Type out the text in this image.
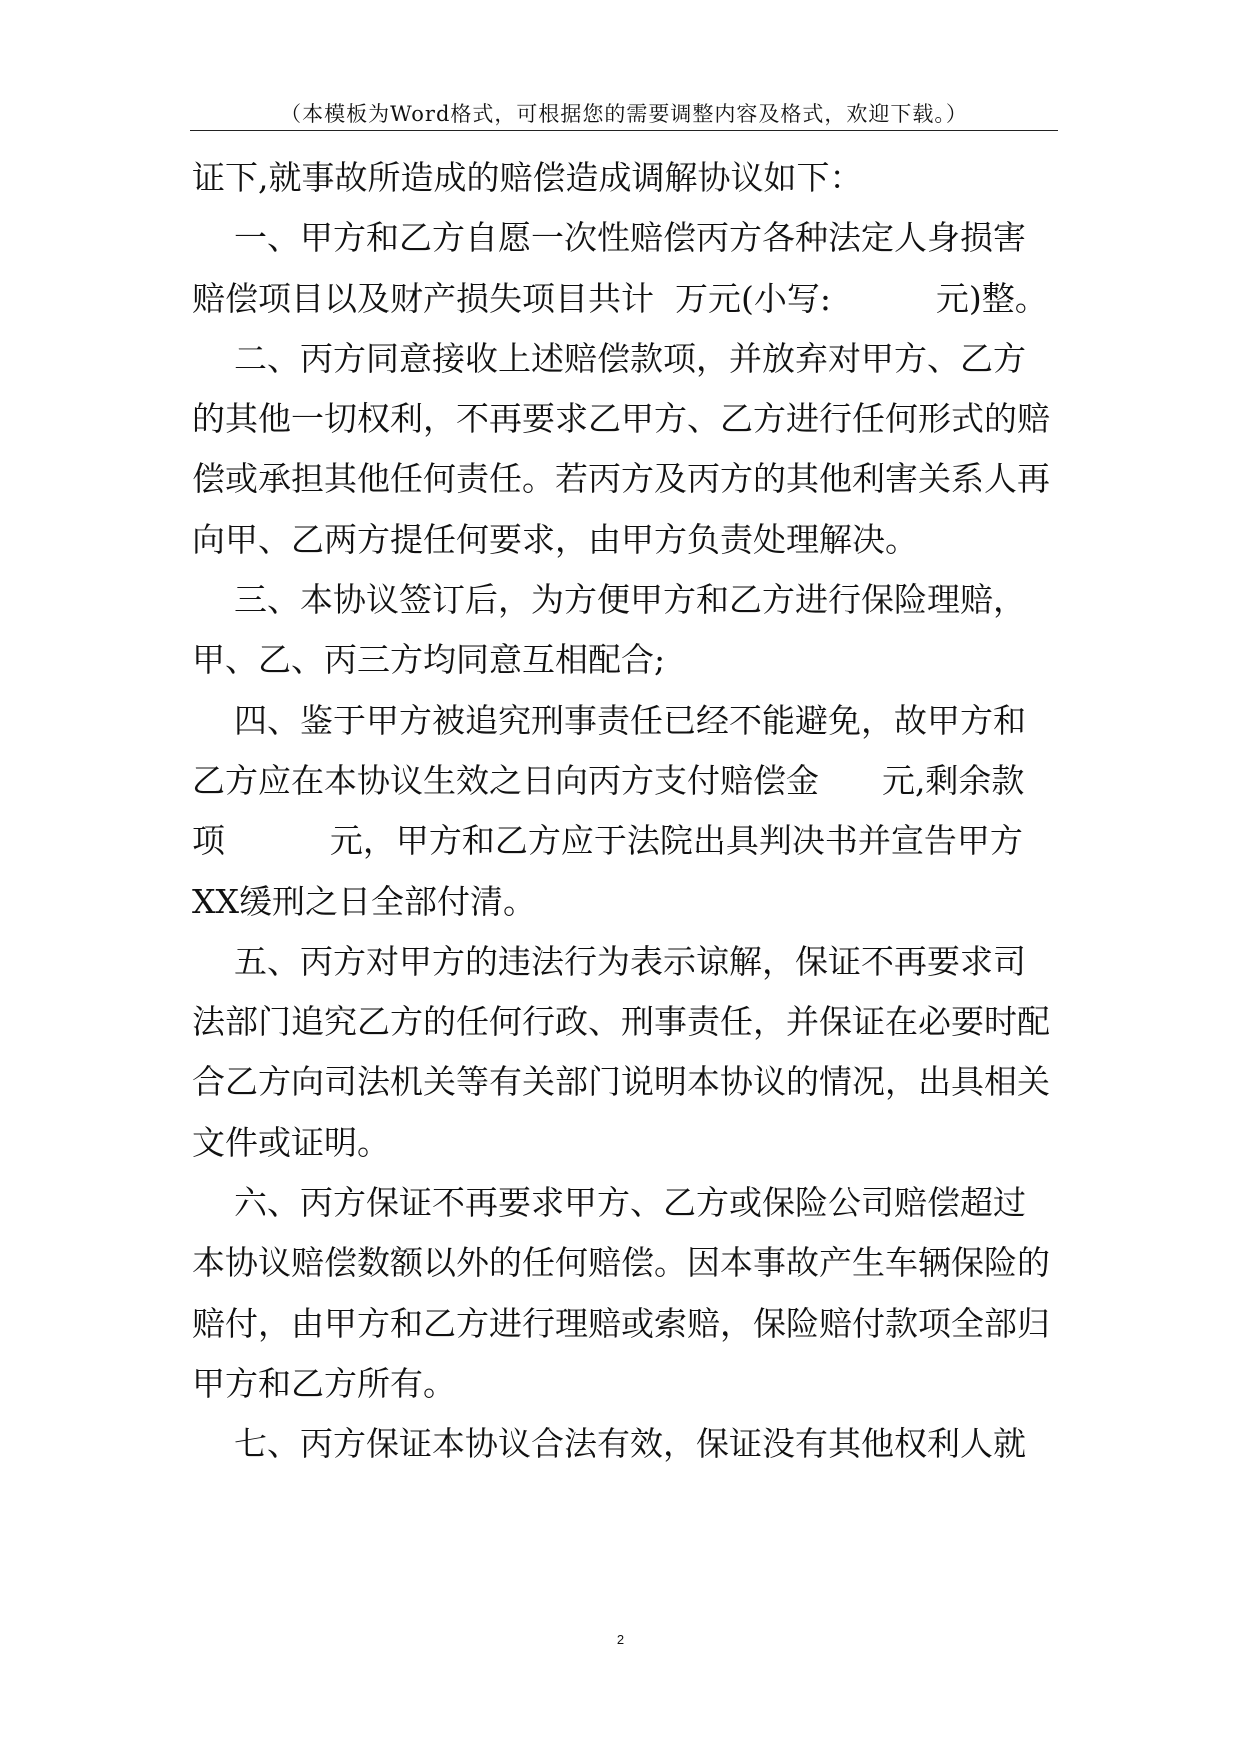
（本模板为Word格式，可根据您的需要调整内容及格式，欢迎下载。）
证下,就事故所造成的赔偿造成调解协议如下：
一、甲方和乙方自愿一次性赔偿丙方各种法定人身损害
赔偿项目以及财产损失项目共计  万元(小写:          元)整。
二、丙方同意接收上述赔偿款项，并放弃对甲方、乙方
的其他一切权利，不再要求乙甲方、乙方进行任何形式的赔
偿或承担其他任何责任。若丙方及丙方的其他利害关系人再
向甲、乙两方提任何要求，由甲方负责处理解决。
三、本协议签订后，为方便甲方和乙方进行保险理赔，
甲、乙、丙三方均同意互相配合;
四、鉴于甲方被追究刑事责任已经不能避免，故甲方和
乙方应在本协议生效之日向丙方支付赔偿金      元,剩余款
项          元，甲方和乙方应于法院出具判决书并宣告甲方
XX缓刑之日全部付清。
五、丙方对甲方的违法行为表示谅解，保证不再要求司
法部门追究乙方的任何行政、刑事责任，并保证在必要时配
合乙方向司法机关等有关部门说明本协议的情况，出具相关
文件或证明。
六、丙方保证不再要求甲方、乙方或保险公司赔偿超过
本协议赔偿数额以外的任何赔偿。因本事故产生车辆保险的
赔付，由甲方和乙方进行理赔或索赔，保险赔付款项全部归
甲方和乙方所有。
七、丙方保证本协议合法有效，保证没有其他权利人就
2
